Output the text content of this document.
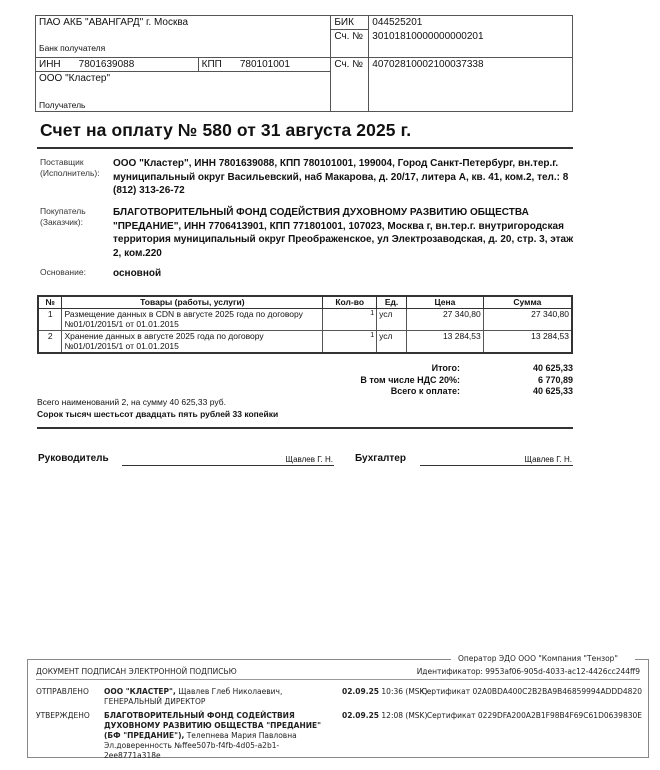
ПАО АКБ "АВАНГАРД" г. Москва		БИК	044525201
		Сч. №	30101810000000000201
Банк получателя			
ИНН 7801639088	КПП 780101001	Сч. №	40702810002100037338

ООО "Кластер"
Получатель			
Счет на оплату № 580 от 31 августа 2025 г.
Поставщик
(Исполнитель):
ООО "Кластер", ИНН 7801639088, КПП 780101001, 199004, Город Санкт-Петербург, вн.тер.г. муниципальный округ Васильевский, наб Макарова, д. 20/17, литера А, кв. 41, ком.2, тел.: 8 (812) 313-26-72
Покупатель
(Заказчик):
БЛАГОТВОРИТЕЛЬНЫЙ ФОНД СОДЕЙСТВИЯ ДУХОВНОМУ РАЗВИТИЮ ОБЩЕСТВА "ПРЕДАНИЕ", ИНН 7706413901, КПП 771801001, 107023, Москва г, вн.тер.г. внутригородская территория муниципальный округ Преображенское, ул Электрозаводская, д. 20, стр. 3, этаж 2, ком.220
Основание:	основной
№	Товары (работы, услуги)	Кол-во	Ед.	Цена	Сумма
1	Размещение данных в CDN в августе 2025 года по договору
№01/01/2015/1 от 01.01.2015	1	усл	27 340,80	27 340,80
2	Хранение данных в августе 2025 года по договору
№01/01/2015/1 от 01.01.2015	1	усл	13 284,53	13 284,53
Итого:	40 625,33
В том числе НДС 20%:	6 770,89
Всего к оплате:	40 625,33
Всего наименований 2, на сумму 40 625,33 руб.
Сорок тысяч шестьсот двадцать пять рублей 33 копейки
Руководитель	Щавлев Г. Н. Бухгалтер	Щавлев Г. Н.
Оператор ЭДО ООО "Компания "Тензор"
ДОКУМЕНТ ПОДПИСАН ЭЛЕКТРОННОЙ ПОДПИСЬЮ	Идентификатор: 9953af06-905d-4033-ac12-4426cc244ff9
ОТПРАВЛЕНО ООО "КЛАСТЕР", Щавлев Глеб Николаевич, ГЕНЕРАЛЬНЫЙ ДИРЕКТОР
02.09.25 10:36 (MSK)
Сертификат 02A0BDA400C2B2BA9B46859994ADDD4820
УТВЕРЖДЕНО БЛАГОТВОРИТЕЛЬНЫЙ ФОНД СОДЕЙСТВИЯ ДУХОВНОМУ РАЗВИТИЮ ОБЩЕСТВА "ПРЕДАНИЕ" (БФ "ПРЕДАНИЕ"), Телепнева Мария Павловна
Эл.доверенность №ffee507b-f4fb-4d05-a2b1-2ee8771a318e
02.09.25 12:08 (MSK) Сертификат 0229DFA200A2B1F98B4F69C61D0639830E
